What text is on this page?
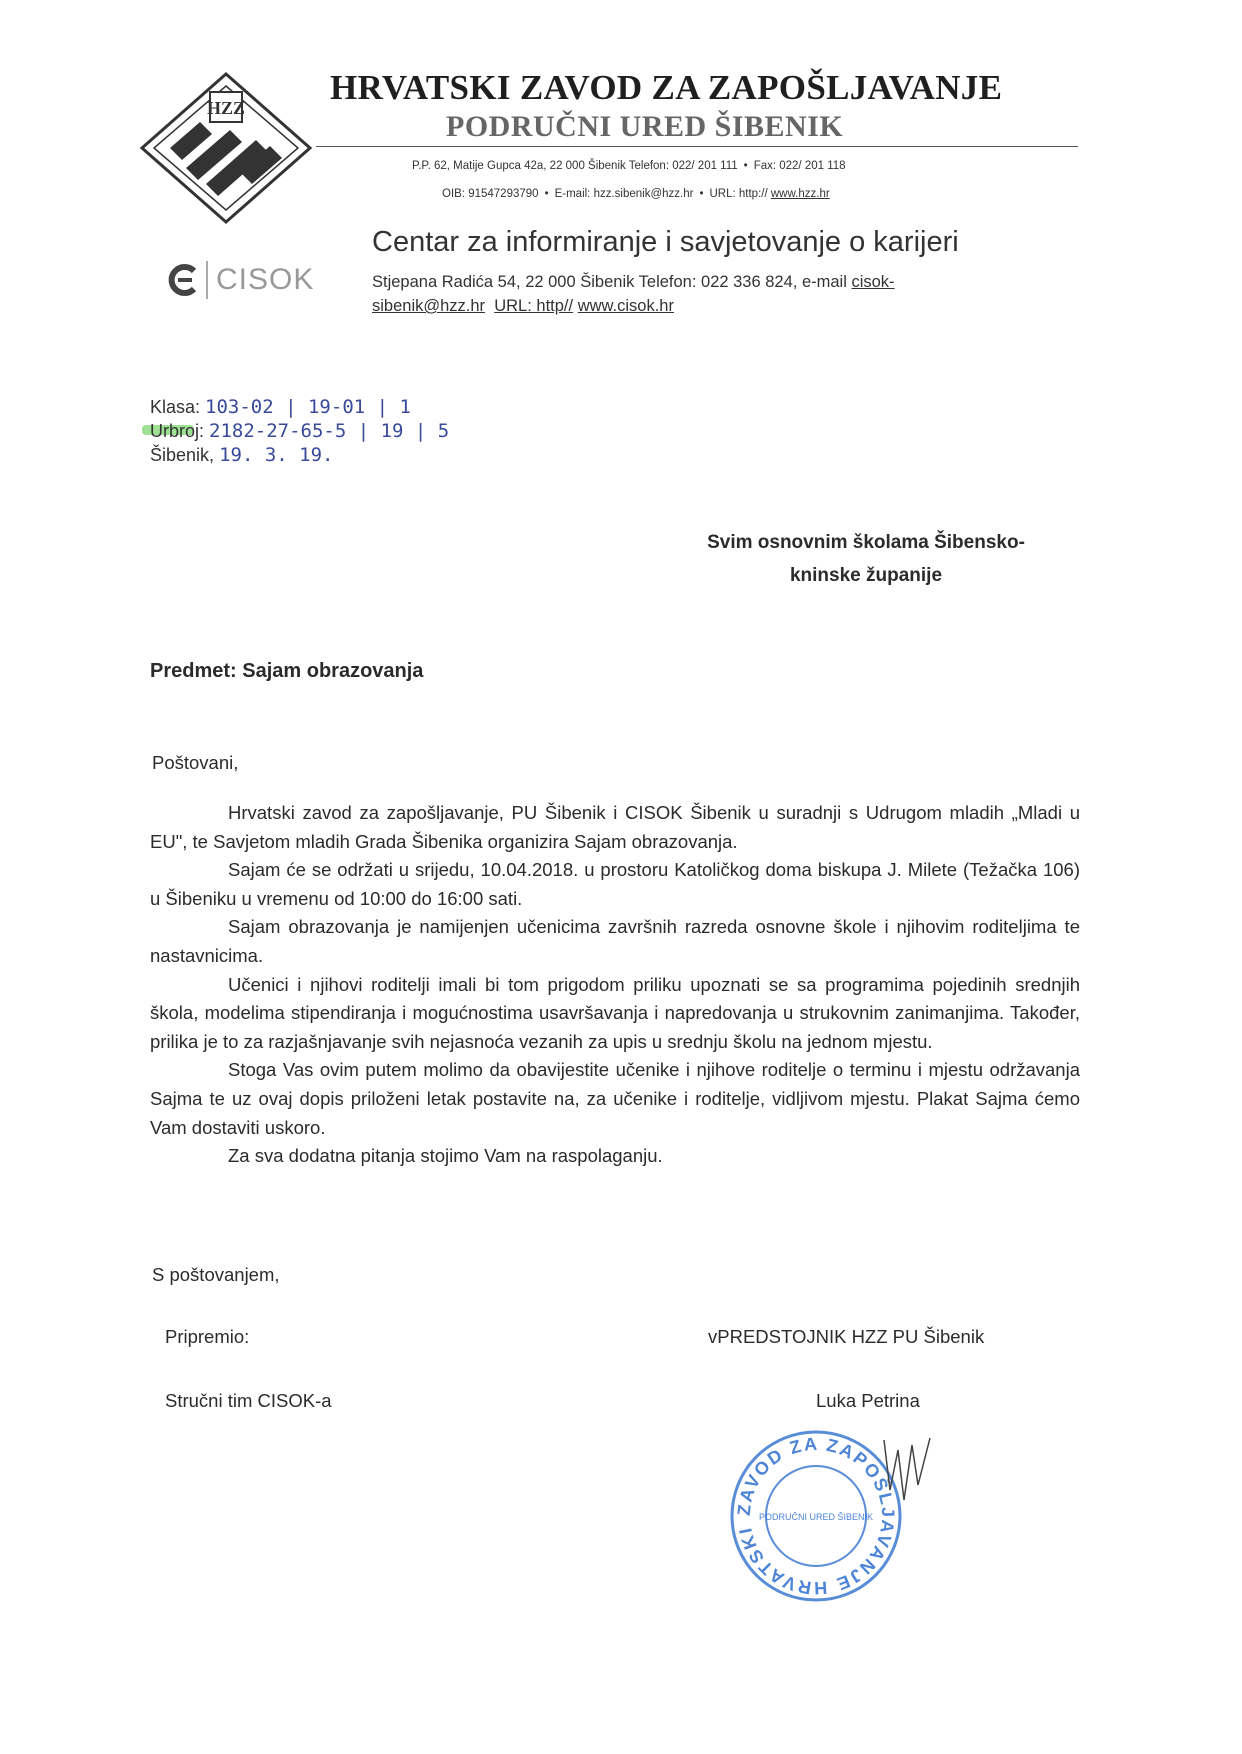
HZZ
HRVATSKI ZAVOD ZA ZAPOŠLJAVANJE
PODRUČNI URED ŠIBENIK
P.P. 62, Matije Gupca 42a, 22 000 Šibenik Telefon: 022/ 201 111 • Fax: 022/ 201 118
OIB: 91547293790 • E-mail: hzz.sibenik@hzz.hr • URL: http:// www.hzz.hr
CISOK
Centar za informiranje i savjetovanje o karijeri
Stjepana Radića 54, 22 000 Šibenik Telefon: 022 336 824, e-mail cisok-sibenik@hzz.hr URL: http// www.cisok.hr
Klasa: 103-02 | 19-01 | 1
Urbroj: 2182-27-65-5 | 19 | 5
Šibenik, 19. 3. 19.
Svim osnovnim školama Šibensko-
kninske županije
Predmet: Sajam obrazovanja
Poštovani,

Hrvatski zavod za zapošljavanje, PU Šibenik i CISOK Šibenik u suradnji s Udrugom mladih „Mladi u EU", te Savjetom mladih Grada Šibenika organizira Sajam obrazovanja.

Sajam će se održati u srijedu, 10.04.2018. u prostoru Katoličkog doma biskupa J. Milete (Težačka 106) u Šibeniku u vremenu od 10:00 do 16:00 sati.

Sajam obrazovanja je namijenjen učenicima završnih razreda osnovne škole i njihovim roditeljima te nastavnicima.

Učenici i njihovi roditelji imali bi tom prigodom priliku upoznati se sa programima pojedinih srednjih škola, modelima stipendiranja i mogućnostima usavršavanja i napredovanja u strukovnim zanimanjima. Također, prilika je to za razjašnjavanje svih nejasnoća vezanih za upis u srednju školu na jednom mjestu.

Stoga Vas ovim putem molimo da obavijestite učenike i njihove roditelje o terminu i mjestu održavanja Sajma te uz ovaj dopis priloženi letak postavite na, za učenike i roditelje, vidljivom mjestu. Plakat Sajma ćemo Vam dostaviti uskoro.

Za sva dodatna pitanja stojimo Vam na raspolaganju.

S poštovanjem,
Pripremio:
Stručni tim CISOK-a
vPREDSTOJNIK HZZ PU Šibenik
Luka Petrina
ZAVOD ZA ZAPOŠLJAVANJE HRVATSKI
PODRUČNI URED ŠIBENIK
